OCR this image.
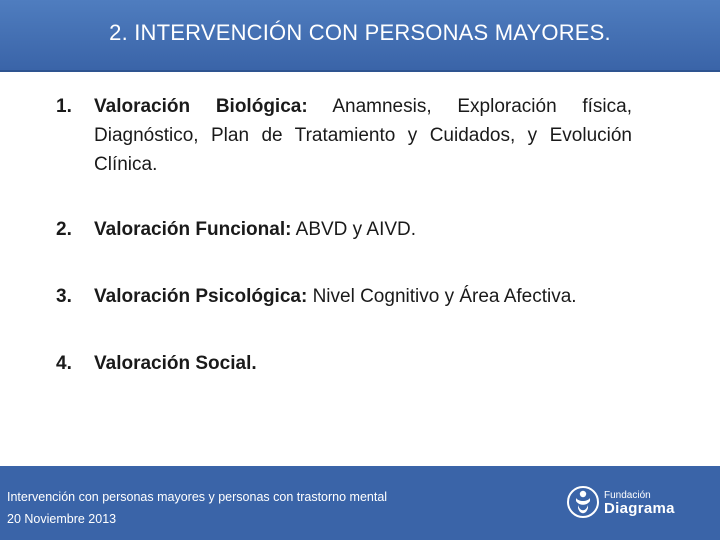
2. INTERVENCIÓN CON PERSONAS MAYORES.
1.	Valoración Biológica: Anamnesis, Exploración física, Diagnóstico, Plan de Tratamiento y Cuidados, y Evolución Clínica.
2.	Valoración Funcional: ABVD y AIVD.
3.	Valoración Psicológica: Nivel Cognitivo y Área Afectiva.
4.	Valoración Social.
Intervención con personas mayores y personas con trastorno mental
20 Noviembre 2013
Fundación
Diagrama
